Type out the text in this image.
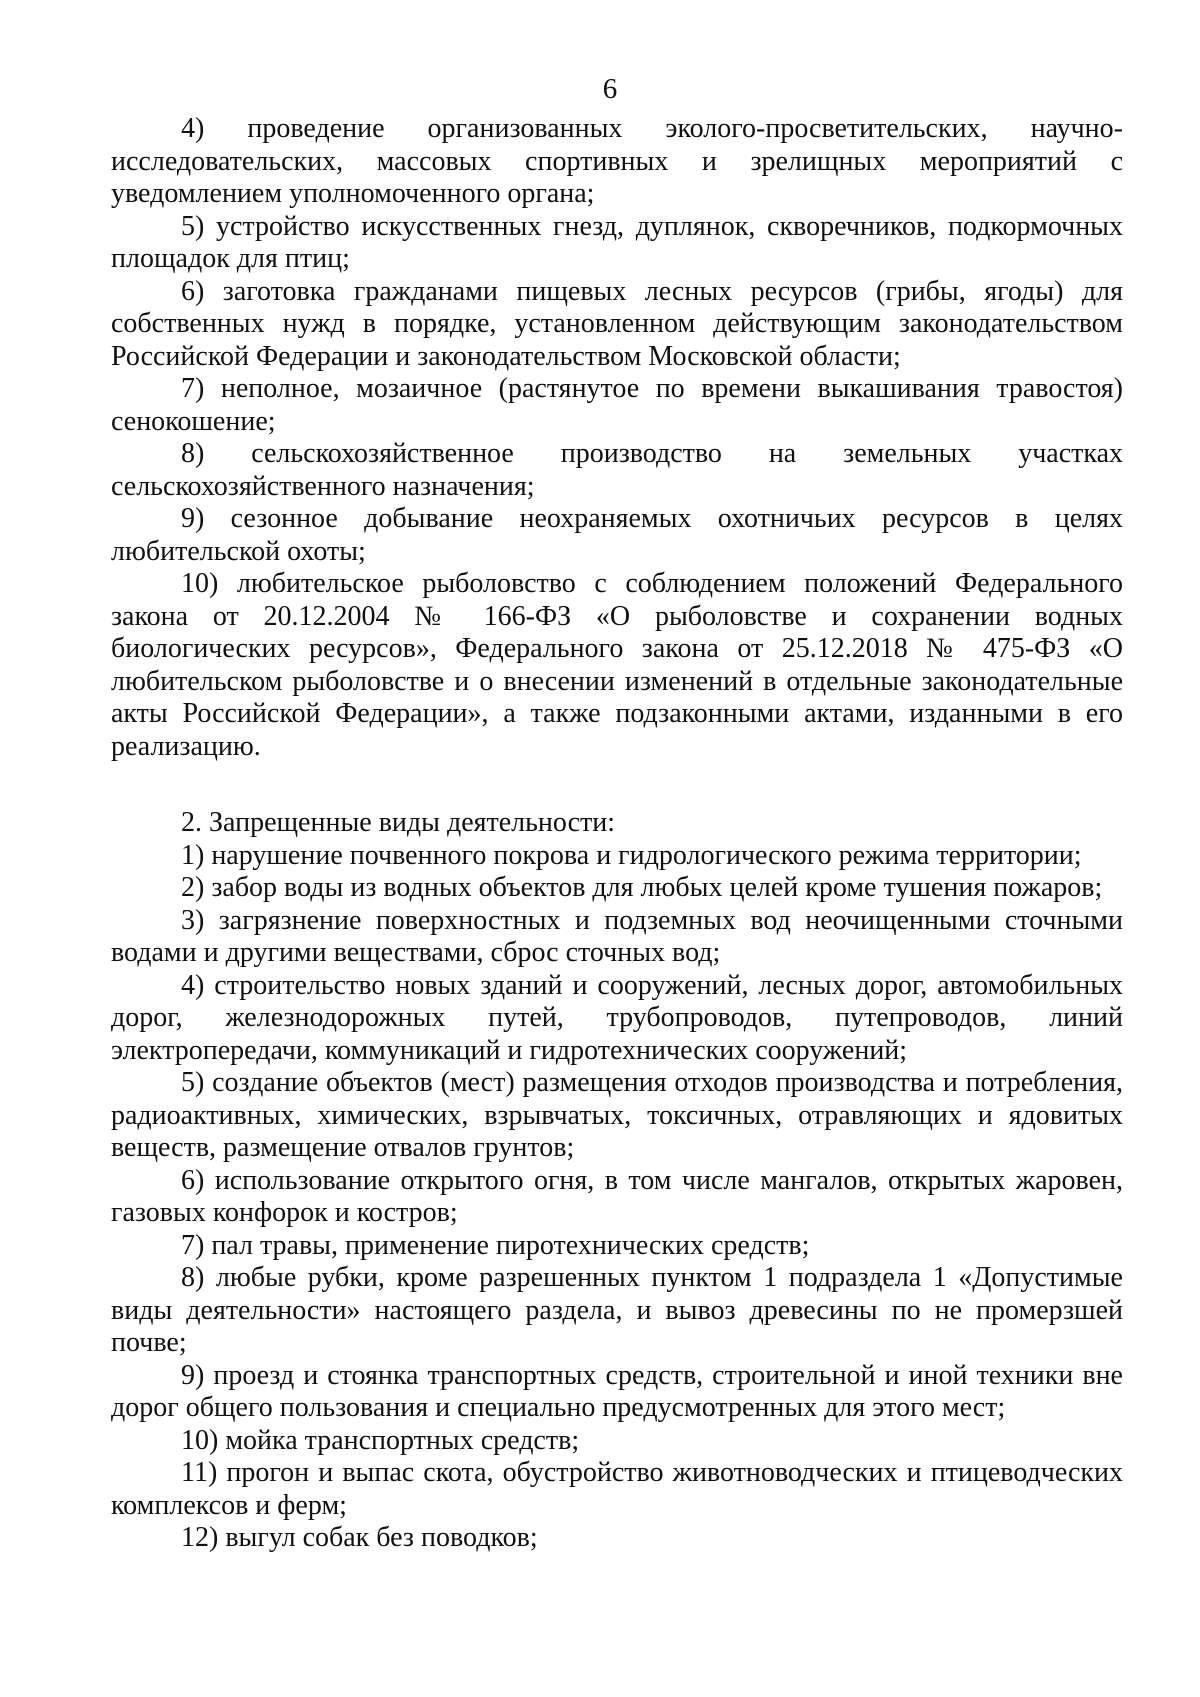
6

4) проведение организованных эколого-просветительских, научно-исследовательских, массовых спортивных и зрелищных мероприятий с уведомлением уполномоченного органа;

5) устройство искусственных гнезд, дуплянок, скворечников, подкормочных площадок для птиц;

6) заготовка гражданами пищевых лесных ресурсов (грибы, ягоды) для собственных нужд в порядке, установленном действующим законодательством Российской Федерации и законодательством Московской области;

7) неполное, мозаичное (растянутое по времени выкашивания травостоя) сенокошение;

8) сельскохозяйственное производство на земельных участках сельскохозяйственного назначения;

9) сезонное добывание неохраняемых охотничьих ресурсов в целях любительской охоты;

10) любительское рыболовство с соблюдением положений Федерального закона от 20.12.2004 № 166-ФЗ «О рыболовстве и сохранении водных биологических ресурсов», Федерального закона от 25.12.2018 № 475-ФЗ «О любительском рыболовстве и о внесении изменений в отдельные законодательные акты Российской Федерации», а также подзаконными актами, изданными в его реализацию.

2. Запрещенные виды деятельности:

1) нарушение почвенного покрова и гидрологического режима территории;

2) забор воды из водных объектов для любых целей кроме тушения пожаров;

3) загрязнение поверхностных и подземных вод неочищенными сточными водами и другими веществами, сброс сточных вод;

4) строительство новых зданий и сооружений, лесных дорог, автомобильных дорог, железнодорожных путей, трубопроводов, путепроводов, линий электропередачи, коммуникаций и гидротехнических сооружений;

5) создание объектов (мест) размещения отходов производства и потребления, радиоактивных, химических, взрывчатых, токсичных, отравляющих и ядовитых веществ, размещение отвалов грунтов;

6) использование открытого огня, в том числе мангалов, открытых жаровен, газовых конфорок и костров;

7) пал травы, применение пиротехнических средств;

8) любые рубки, кроме разрешенных пунктом 1 подраздела 1 «Допустимые виды деятельности» настоящего раздела, и вывоз древесины по не промерзшей почве;

9) проезд и стоянка транспортных средств, строительной и иной техники вне дорог общего пользования и специально предусмотренных для этого мест;

10) мойка транспортных средств;

11) прогон и выпас скота, обустройство животноводческих и птицеводческих комплексов и ферм;

12) выгул собак без поводков;
